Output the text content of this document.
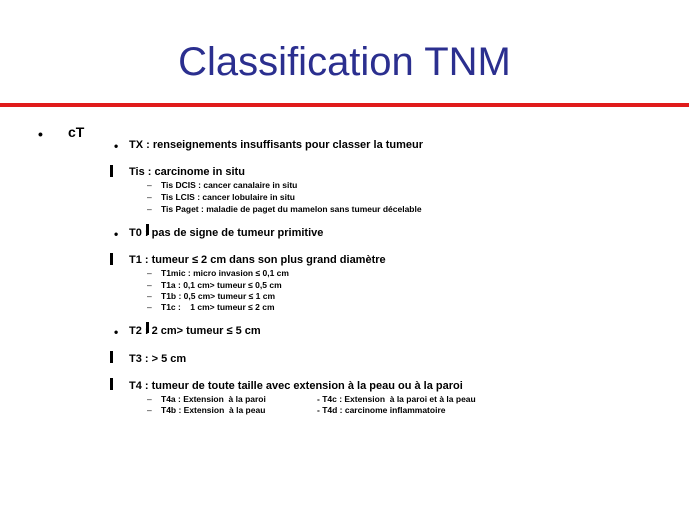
Classification TNM
• cT
• TX : renseignements insuffisants pour classer la tumeur
Tis : carcinome in situ
– Tis DCIS : cancer canalaire in situ
– Tis LCIS : cancer lobulaire in situ
– Tis Paget : maladie de paget du mamelon sans tumeur décelable
• T0 : pas de signe de tumeur primitive
T1 : tumeur ≤ 2 cm dans son plus grand diamètre
– T1mic : micro invasion ≤ 0,1 cm
– T1a : 0,1 cm> tumeur ≤ 0,5 cm
– T1b : 0,5 cm> tumeur ≤ 1 cm
– T1c :    1 cm> tumeur ≤ 2 cm
• T2 : 2 cm> tumeur ≤ 5 cm
T3 : > 5 cm
T4 : tumeur de toute taille avec extension à la peau ou à la paroi
– T4a : Extension  à la paroi	- T4c : Extension  à la paroi et à la peau
– T4b : Extension  à la peau	- T4d : carcinome inflammatoire
